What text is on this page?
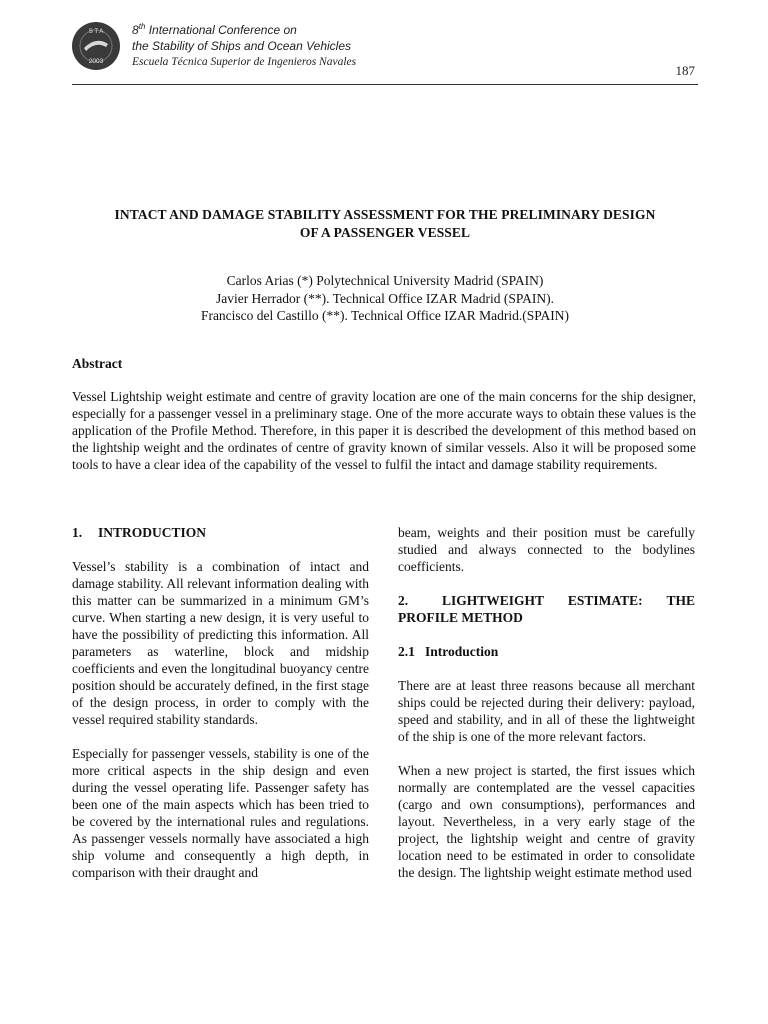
S T A
2003
8th International Conference on
the Stability of Ships and Ocean Vehicles
Escuela Técnica Superior de Ingenieros Navales
187
INTACT AND DAMAGE STABILITY ASSESSMENT FOR THE PRELIMINARY DESIGN
OF A PASSENGER VESSEL
Carlos Arias (*) Polytechnical University Madrid (SPAIN)
Javier Herrador (**). Technical Office IZAR Madrid (SPAIN).
Francisco del Castillo (**). Technical Office IZAR Madrid.(SPAIN)
Abstract
Vessel Lightship weight estimate and centre of gravity location are one of the main concerns for the ship designer, especially for a passenger vessel in a preliminary stage. One of the more accurate ways to obtain these values is the application of the Profile Method. Therefore, in this paper it is described the development of this method based on the lightship weight and the ordinates of centre of gravity known of similar vessels. Also it will be proposed some tools to have a clear idea of the capability of the vessel to fulfil the intact and damage stability requirements.
1. INTRODUCTION

Vessel’s stability is a combination of intact and damage stability. All relevant information dealing with this matter can be summarized in a minimum GM’s curve. When starting a new design, it is very useful to have the possibility of predicting this information. All parameters as waterline, block and midship coefficients and even the longitudinal buoyancy centre position should be accurately defined, in the first stage of the design process, in order to comply with the vessel required stability standards.

Especially for passenger vessels, stability is one of the more critical aspects in the ship design and even during the vessel operating life. Passenger safety has been one of the main aspects which has been tried to be covered by the international rules and regulations. As passenger vessels normally have associated a high ship volume and consequently a high depth, in comparison with their draught and

beam, weights and their position must be carefully studied and always connected to the bodylines coefficients.

2.	LIGHTWEIGHT ESTIMATE: THE PROFILE METHOD
2.1 Introduction

There are at least three reasons because all merchant ships could be rejected during their delivery: payload, speed and stability, and in all of these the lightweight of the ship is one of the more relevant factors.

When a new project is started, the first issues which normally are contemplated are the vessel capacities (cargo and own consumptions), performances and layout. Nevertheless, in a very early stage of the project, the lightship weight and centre of gravity location need to be estimated in order to consolidate the design. The lightship weight estimate method used
